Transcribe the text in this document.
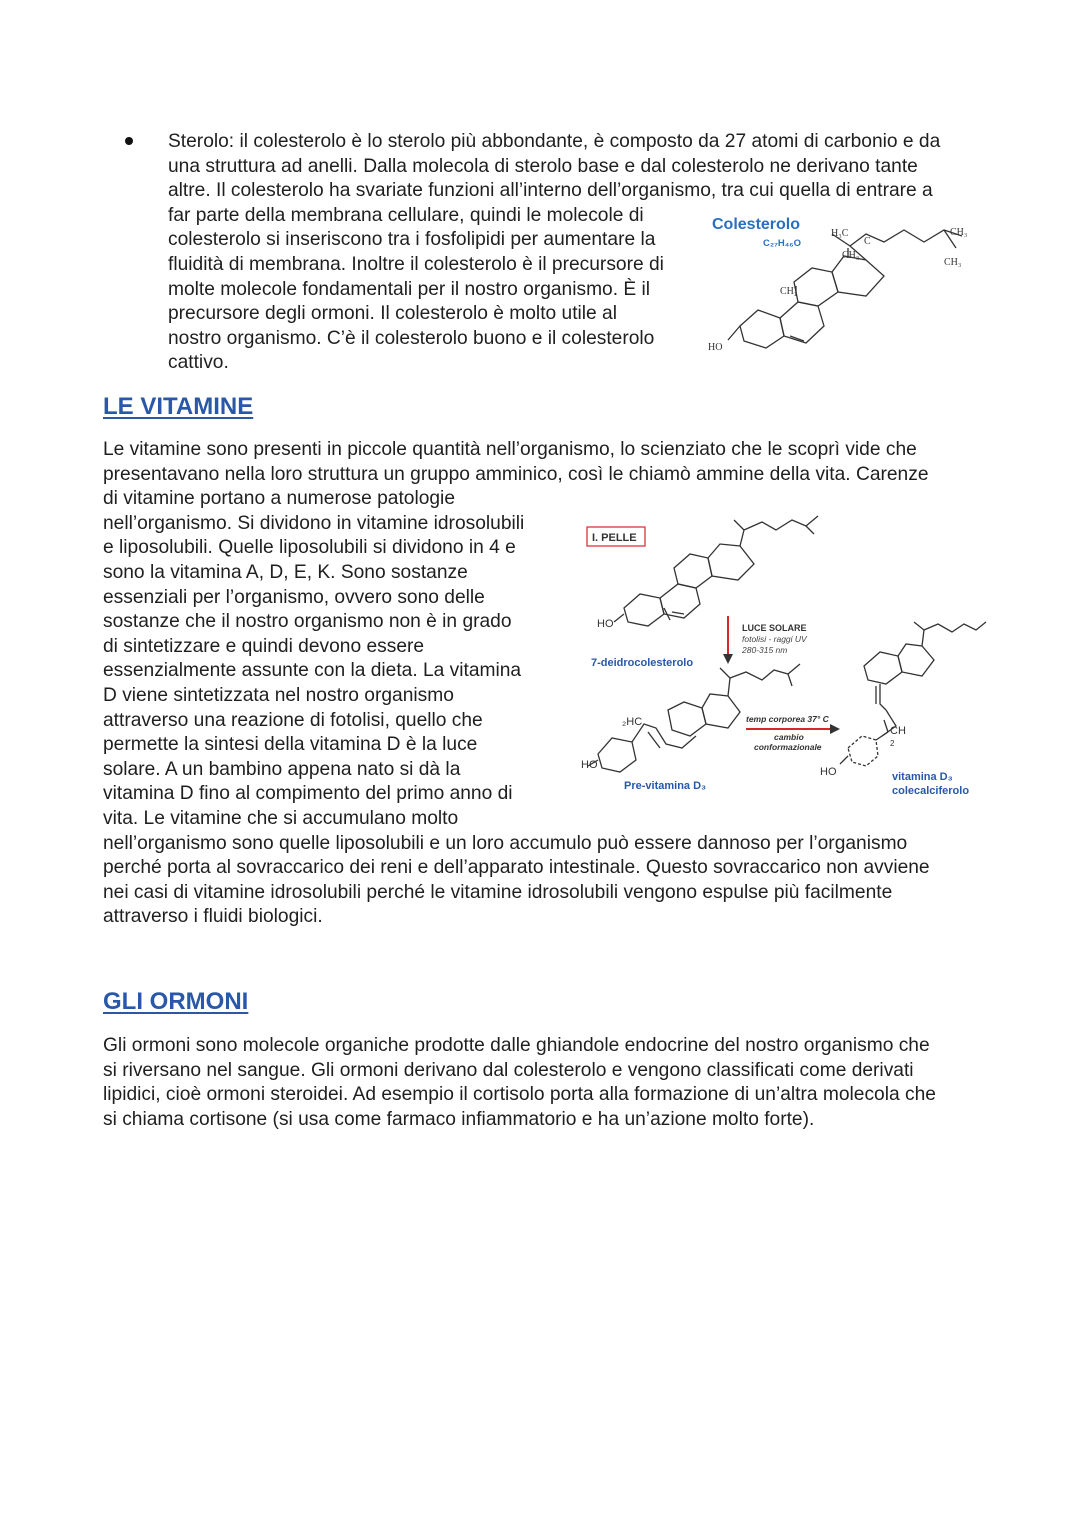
Sterolo: il colesterolo è lo sterolo più abbondante, è composto da 27 atomi di carbonio e da
una struttura ad anelli. Dalla molecola di sterolo base e dal colesterolo ne derivano tante
altre. Il colesterolo ha svariate funzioni all’interno dell’organismo, tra cui quella di entrare a
far parte della membrana cellulare, quindi le molecole di
colesterolo si inseriscono tra i fosfolipidi per aumentare la
fluidità di membrana. Inoltre il colesterolo è il precursore di
molte molecole fondamentali per il nostro organismo. È il
precursore degli ormoni. Il colesterolo è molto utile al
nostro organismo. C’è il colesterolo buono e il colesterolo
cattivo.
Colesterolo
C₂₇H₄₆O
H₃C
C
CH₃
CH₃
CH₃
CH₃
HO
LE VITAMINE
Le vitamine sono presenti in piccole quantità nell’organismo, lo scienziato che le scoprì vide che
presentavano nella loro struttura un gruppo amminico, così le chiamò ammine della vita. Carenze
di vitamine portano a numerose patologie
nell’organismo. Si dividono in vitamine idrosolubili
e liposolubili. Quelle liposolubili si dividono in 4 e
sono la vitamina A, D, E, K. Sono sostanze
essenziali per l’organismo, ovvero sono delle
sostanze che il nostro organismo non è in grado
di sintetizzare e quindi devono essere
essenzialmente assunte con la dieta. La vitamina
D viene sintetizzata nel nostro organismo
attraverso una reazione di fotolisi, quello che
permette la sintesi della vitamina D è la luce
solare. A un bambino appena nato si dà la
vitamina D fino al compimento del primo anno di
vita. Le vitamine che si accumulano molto
nell’organismo sono quelle liposolubili e un loro accumulo può essere dannoso per l’organismo
perché porta al sovraccarico dei reni e dell’apparato intestinale. Questo sovraccarico non avviene
nei casi di vitamine idrosolubili perché le vitamine idrosolubili vengono espulse più facilmente
attraverso i fluidi biologici.
I. PELLE
HO
7-deidrocolesterolo
LUCE SOLARE
fotolisi - raggi UV
280-315 nm
₂HC
HO
Pre-vitamina D₃
temp corporea 37° C
cambio
conformazionale
CH
2
HO	vitamina D₃
colecalciferolo
GLI ORMONI
Gli ormoni sono molecole organiche prodotte dalle ghiandole endocrine del nostro organismo che
si riversano nel sangue. Gli ormoni derivano dal colesterolo e vengono classificati come derivati
lipidici, cioè ormoni steroidei. Ad esempio il cortisolo porta alla formazione di un’altra molecola che
si chiama cortisone (si usa come farmaco infiammatorio e ha un’azione molto forte).
